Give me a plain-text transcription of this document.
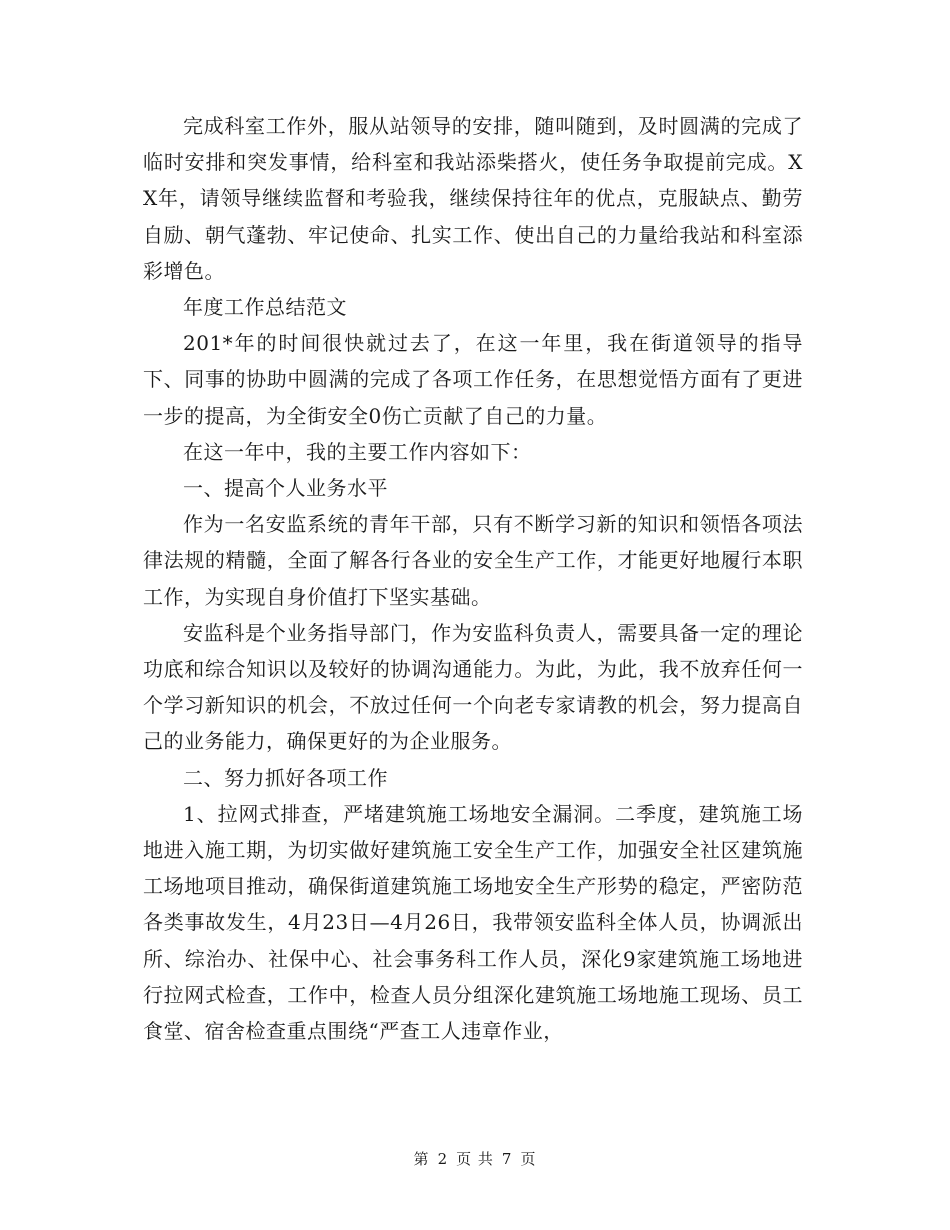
完成科室工作外，服从站领导的安排，随叫随到，及时圆满的完成了临时安排和突发事情，给科室和我站添柴搭火，使任务争取提前完成。XX年，请领导继续监督和考验我，继续保持往年的优点，克服缺点、勤劳自励、朝气蓬勃、牢记使命、扎实工作、使出自己的力量给我站和科室添彩增色。

年度工作总结范文

201*年的时间很快就过去了，在这一年里，我在街道领导的指导下、同事的协助中圆满的完成了各项工作任务，在思想觉悟方面有了更进一步的提高，为全街安全0伤亡贡献了自己的力量。

在这一年中，我的主要工作内容如下：

一、提高个人业务水平

作为一名安监系统的青年干部，只有不断学习新的知识和领悟各项法律法规的精髓，全面了解各行各业的安全生产工作，才能更好地履行本职工作，为实现自身价值打下坚实基础。

安监科是个业务指导部门，作为安监科负责人，需要具备一定的理论功底和综合知识以及较好的协调沟通能力。为此，为此，我不放弃任何一个学习新知识的机会，不放过任何一个向老专家请教的机会，努力提高自己的业务能力，确保更好的为企业服务。

二、努力抓好各项工作

1、拉网式排查，严堵建筑施工场地安全漏洞。二季度，建筑施工场地进入施工期，为切实做好建筑施工安全生产工作，加强安全社区建筑施工场地项目推动，确保街道建筑施工场地安全生产形势的稳定，严密防范各类事故发生，4月23日—4月26日，我带领安监科全体人员，协调派出所、综治办、社保中心、社会事务科工作人员，深化9家建筑施工场地进行拉网式检查，工作中，检查人员分组深化建筑施工场地施工现场、员工食堂、宿舍检查重点围绕“严查工人违章作业，

第 2 页 共 7 页
